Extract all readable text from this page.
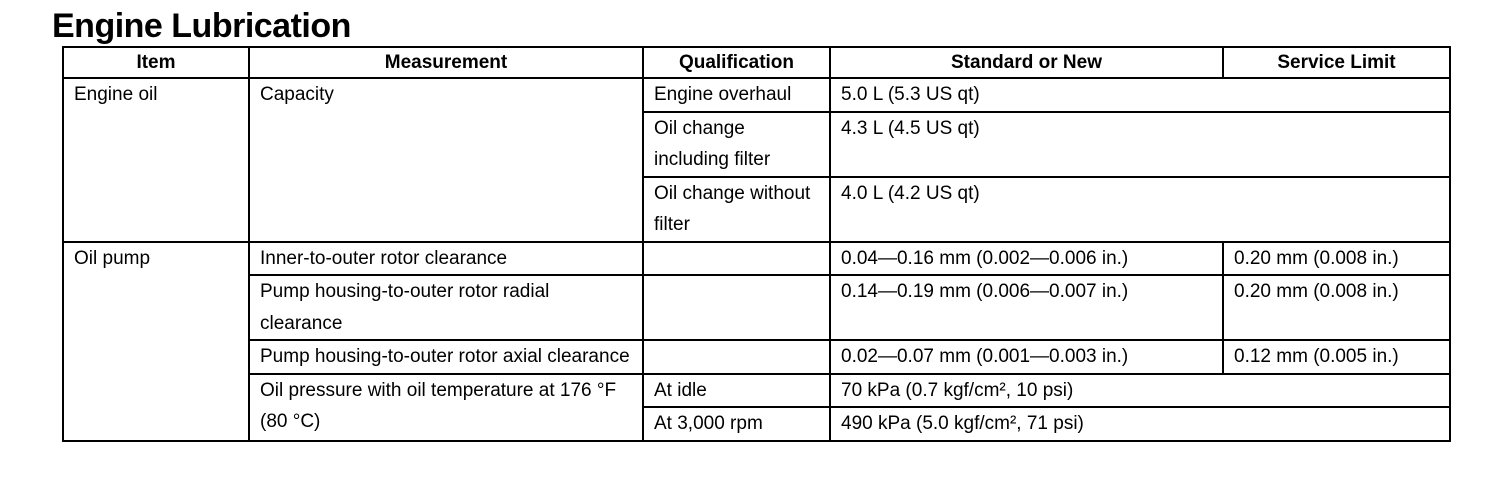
Engine Lubrication
Item	Measurement	Qualification	Standard or New	Service Limit
Engine oil	Capacity	Engine overhaul	5.0 L (5.3 US qt)	
		Oil change including filter	4.3 L (4.5 US qt)	
		Oil change without filter	4.0 L (4.2 US qt)	
Oil pump	Inner-to-outer rotor clearance		0.04—0.16 mm (0.002—0.006 in.)	0.20 mm (0.008 in.)
	Pump housing-to-outer rotor radial clearance		0.14—0.19 mm (0.006—0.007 in.)	0.20 mm (0.008 in.)
	Pump housing-to-outer rotor axial clearance		0.02—0.07 mm (0.001—0.003 in.)	0.12 mm (0.005 in.)
	Oil pressure with oil temperature at 176 °F (80 °C)	At idle	70 kPa (0.7 kgf/cm², 10 psi)	
		At 3,000 rpm	490 kPa (5.0 kgf/cm², 71 psi)	
